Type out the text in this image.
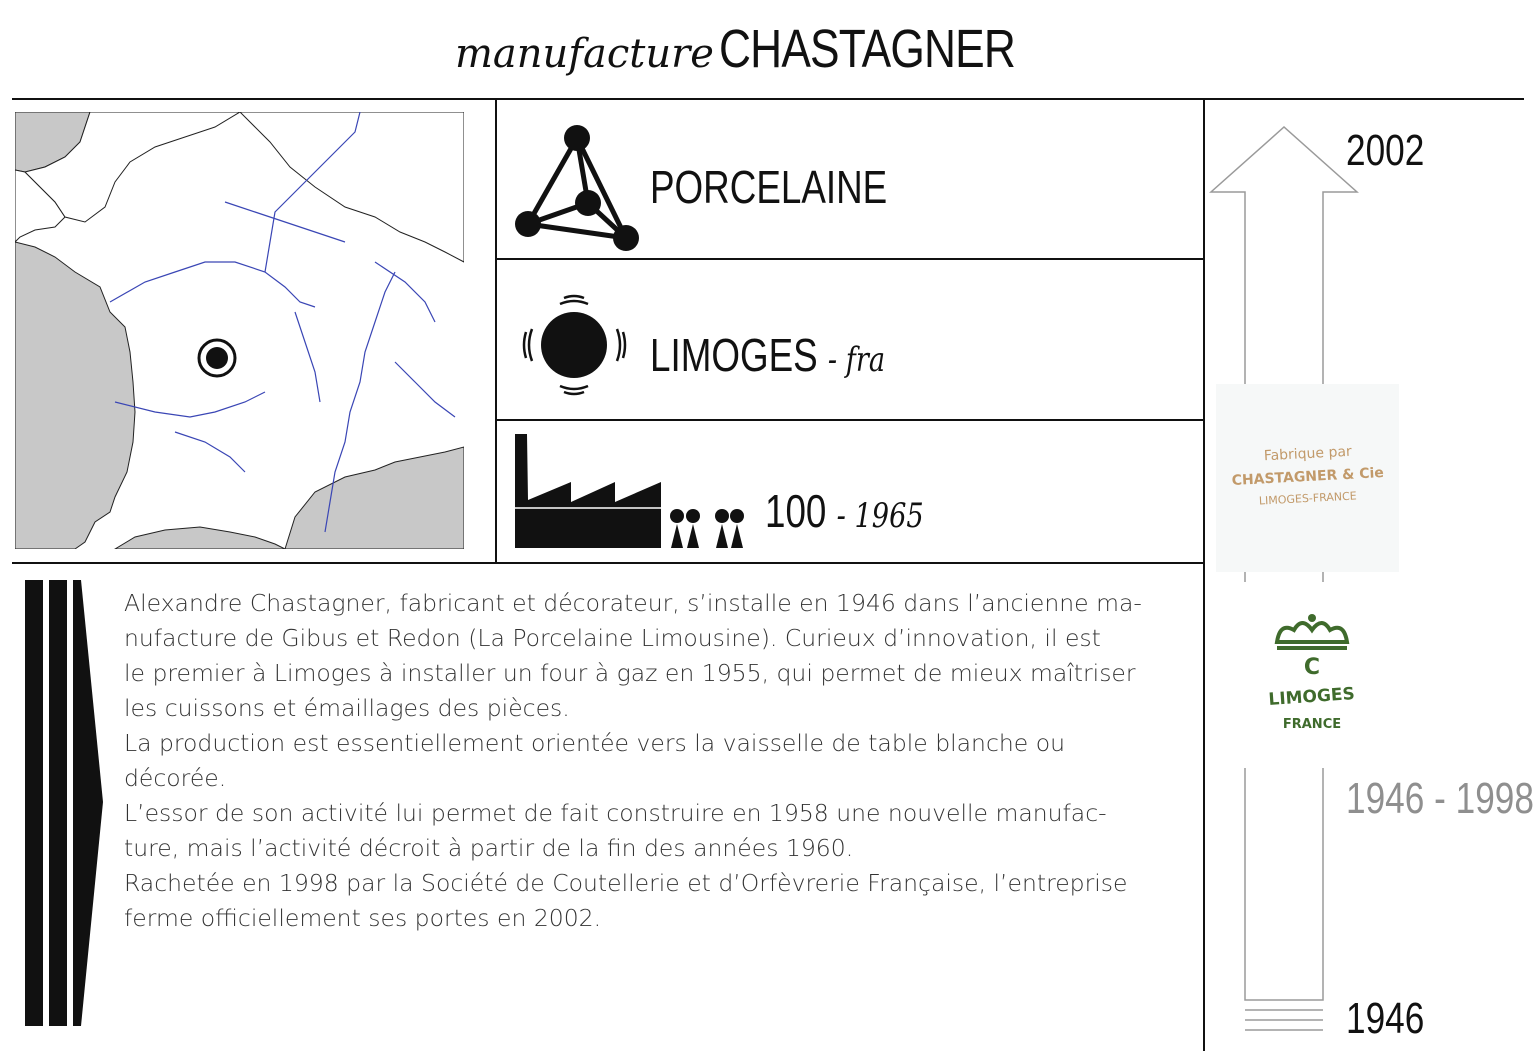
manufacture CHASTAGNER
PORCELAINE
LIMOGES - fra
100 - 1965

Alexandre Chastagner, fabricant et décorateur, s’installe en 1946 dans l’ancienne ma-

nufacture de Gibus et Redon (La Porcelaine Limousine). Curieux d’innovation, il est

le premier à Limoges à installer un four à gaz en 1955, qui permet de mieux maîtriser

les cuissons et émaillages des pièces.

La production est essentiellement orientée vers la vaisselle de table blanche ou

décorée.

L’essor de son activité lui permet de fait construire en 1958 une nouvelle manufac-

ture, mais l’activité décroit à partir de la fin des années 1960.

Rachetée en 1998 par la Société de Coutellerie et d’Orfèvrerie Française, l’entreprise

ferme officiellement ses portes en 2002.

Fabrique par
CHASTAGNER & Cie
LIMOGES-FRANCE
C
LIMOGES
FRANCE
2002
1946 - 1998
1946
